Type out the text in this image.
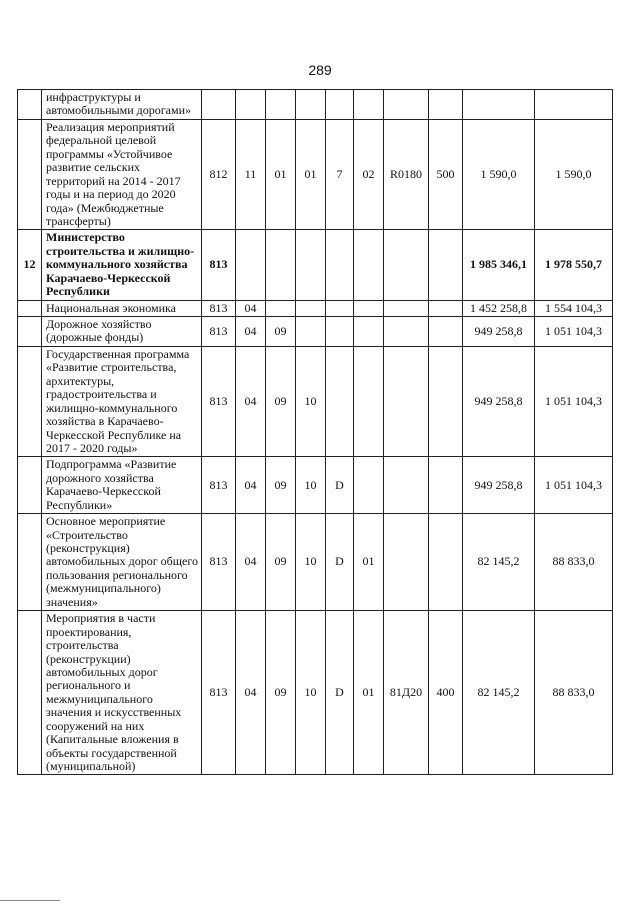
289
	инфраструктуры и автомобильными дорогами»										
	Реализация мероприятий федеральной целевой программы «Устойчивое развитие сельских территорий на 2014 - 2017 годы и на период до 2020 года» (Межбюджетные трансферты)	812	11	01	01	7	02	R0180	500	1 590,0	1 590,0
12	Министерство строительства и жилищно-коммунального хозяйства Карачаево-Черкесской Республики	813								1 985 346,1	1 978 550,7
	Национальная экономика	813	04							1 452 258,8	1 554 104,3
	Дорожное хозяйство (дорожные фонды)	813	04	09						949 258,8	1 051 104,3
	Государственная программа «Развитие строительства, архитектуры, градостроительства и жилищно-коммунального хозяйства в Карачаево-Черкесской Республике на 2017 - 2020 годы»	813	04	09	10					949 258,8	1 051 104,3
	Подпрограмма «Развитие дорожного хозяйства Карачаево-Черкесской Республики»	813	04	09	10	D				949 258,8	1 051 104,3
	Основное мероприятие «Строительство (реконструкция) автомобильных дорог общего пользования регионального (межмуниципального) значения»	813	04	09	10	D	01			82 145,2	88 833,0
	Мероприятия в части проектирования, строительства (реконструкции) автомобильных дорог регионального и межмуниципального значения и искусственных сооружений на них (Капитальные вложения в объекты государственной (муниципальной)	813	04	09	10	D	01	81Д20	400	82 145,2	88 833,0
